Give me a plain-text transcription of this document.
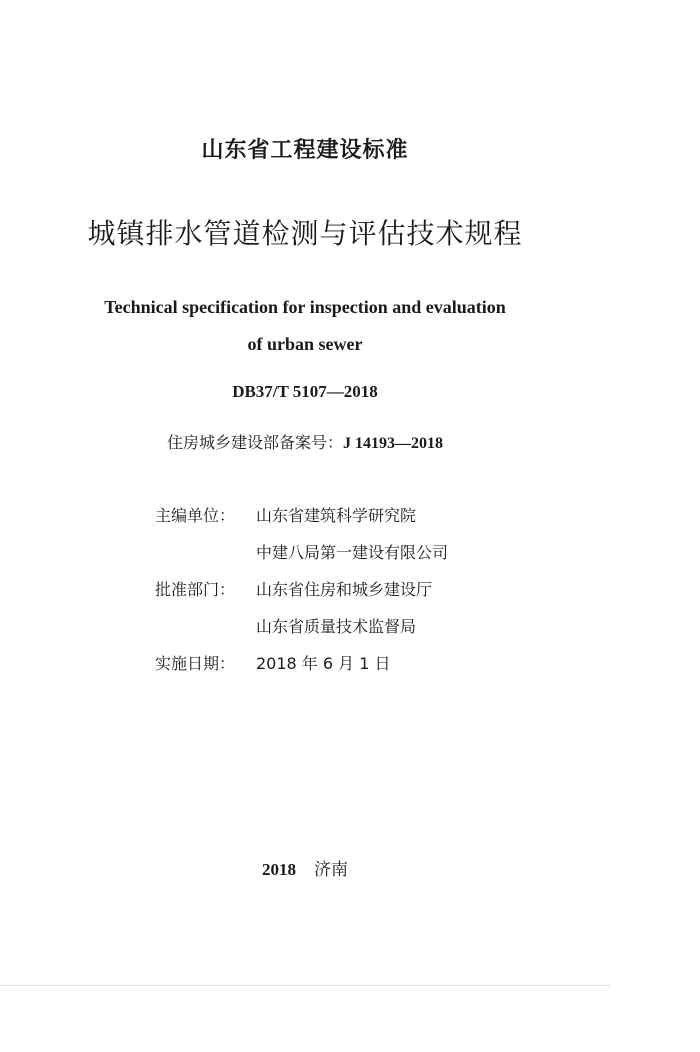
山东省工程建设标准
城镇排水管道检测与评估技术规程
Technical specification for inspection and evaluation
of urban sewer
DB37/T 5107—2018
住房城乡建设部备案号：J 14193—2018
主编单位：	山东省建筑科学研究院
中建八局第一建设有限公司
批准部门：	山东省住房和城乡建设厅
山东省质量技术监督局
实施日期：	2018 年 6 月 1 日
2018 济南
